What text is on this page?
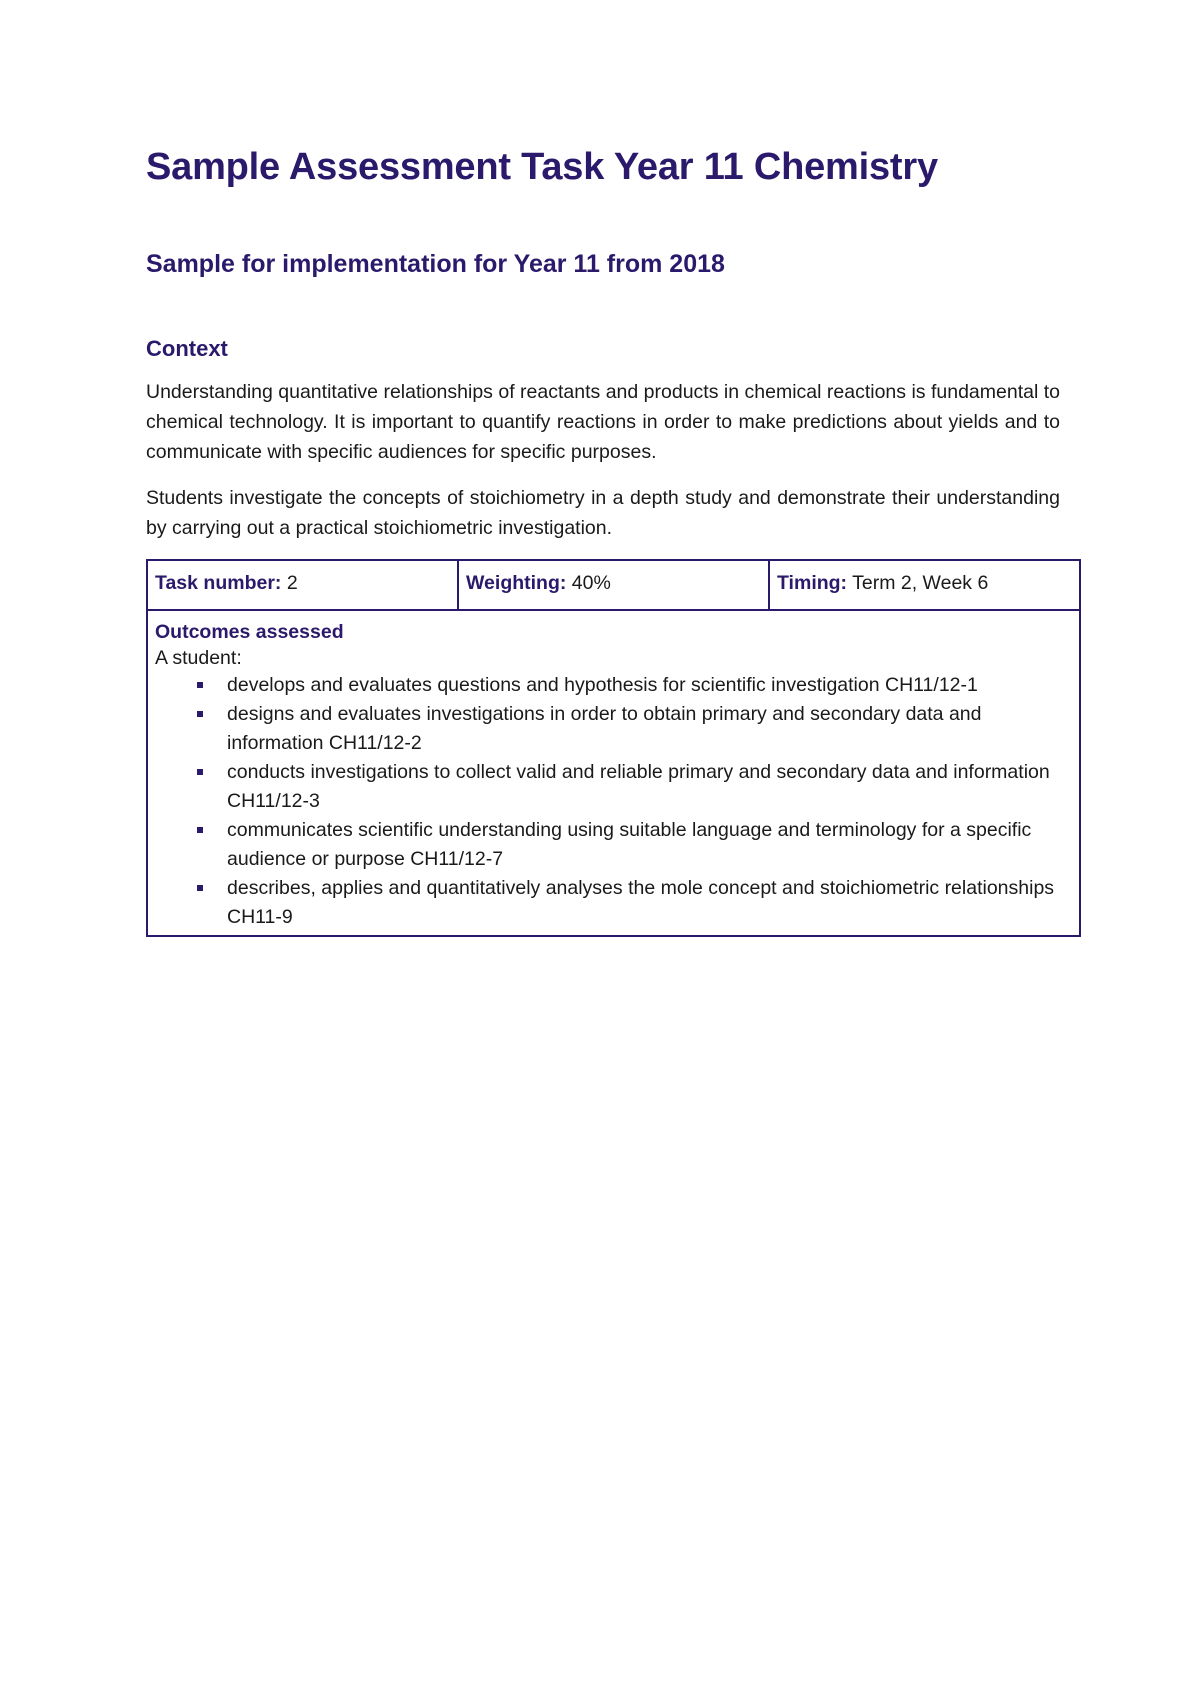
Sample Assessment Task Year 11 Chemistry
Sample for implementation for Year 11 from 2018
Context

Understanding quantitative relationships of reactants and products in chemical reactions is fundamental to chemical technology. It is important to quantify reactions in order to make predictions about yields and to communicate with specific audiences for specific purposes.

Students investigate the concepts of stoichiometry in a depth study and demonstrate their understanding by carrying out a practical stoichiometric investigation.

Task number: 2	Weighting: 40%	Timing: Term 2, Week 6
Outcomes assessed
A student:
develops and evaluates questions and hypothesis for scientific investigation CH11/12-1
designs and evaluates investigations in order to obtain primary and secondary data and information CH11/12-2
conducts investigations to collect valid and reliable primary and secondary data and information CH11/12-3
communicates scientific understanding using suitable language and terminology for a specific audience or purpose CH11/12-7
describes, applies and quantitatively analyses the mole concept and stoichiometric relationships CH11-9
